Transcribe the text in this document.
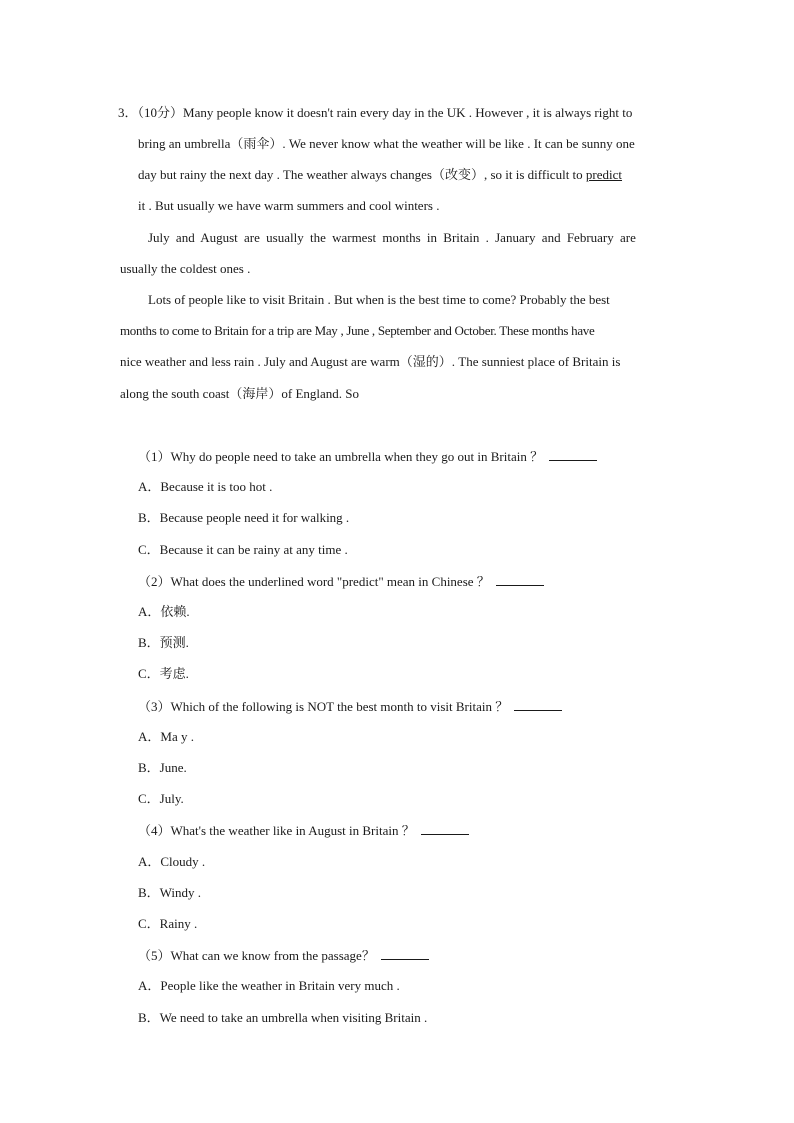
3．（10分）Many people know it doesn't rain every day in the UK . However , it is always right to
bring an umbrella（雨伞）. We never know what the weather will be like . It can be sunny one
day but rainy the next day . The weather always changes（改变）, so it is difficult to predict
it . But usually we have warm summers and cool winters .
July and August are usually the warmest months in Britain . January and February are
usually the coldest ones .
Lots of people like to visit Britain . But when is the best time to come? Probably the best
months to come to Britain for a trip are May , June , September and October. These months have
nice weather and less rain . July and August are warm（湿的）. The sunniest place of Britain is
along the south coast（海岸）of England. So
（1）Why do people need to take an umbrella when they go out in Britain ？
A．Because it is too hot .
B．Because people need it for walking .
C．Because it can be rainy at any time .
（2）What does the underlined word "predict" mean in Chinese ？
A．依赖.
B．预测.
C．考虑.
（3）Which of the following is NOT the best month to visit Britain ？
A．Ma y .
B．June.
C．July.
（4）What's the weather like in August in Britain ？
A．Cloudy .
B．Windy .
C．Rainy .
（5）What can we know from the passage？
A．People like the weather in Britain very much .
B．We need to take an umbrella when visiting Britain .
